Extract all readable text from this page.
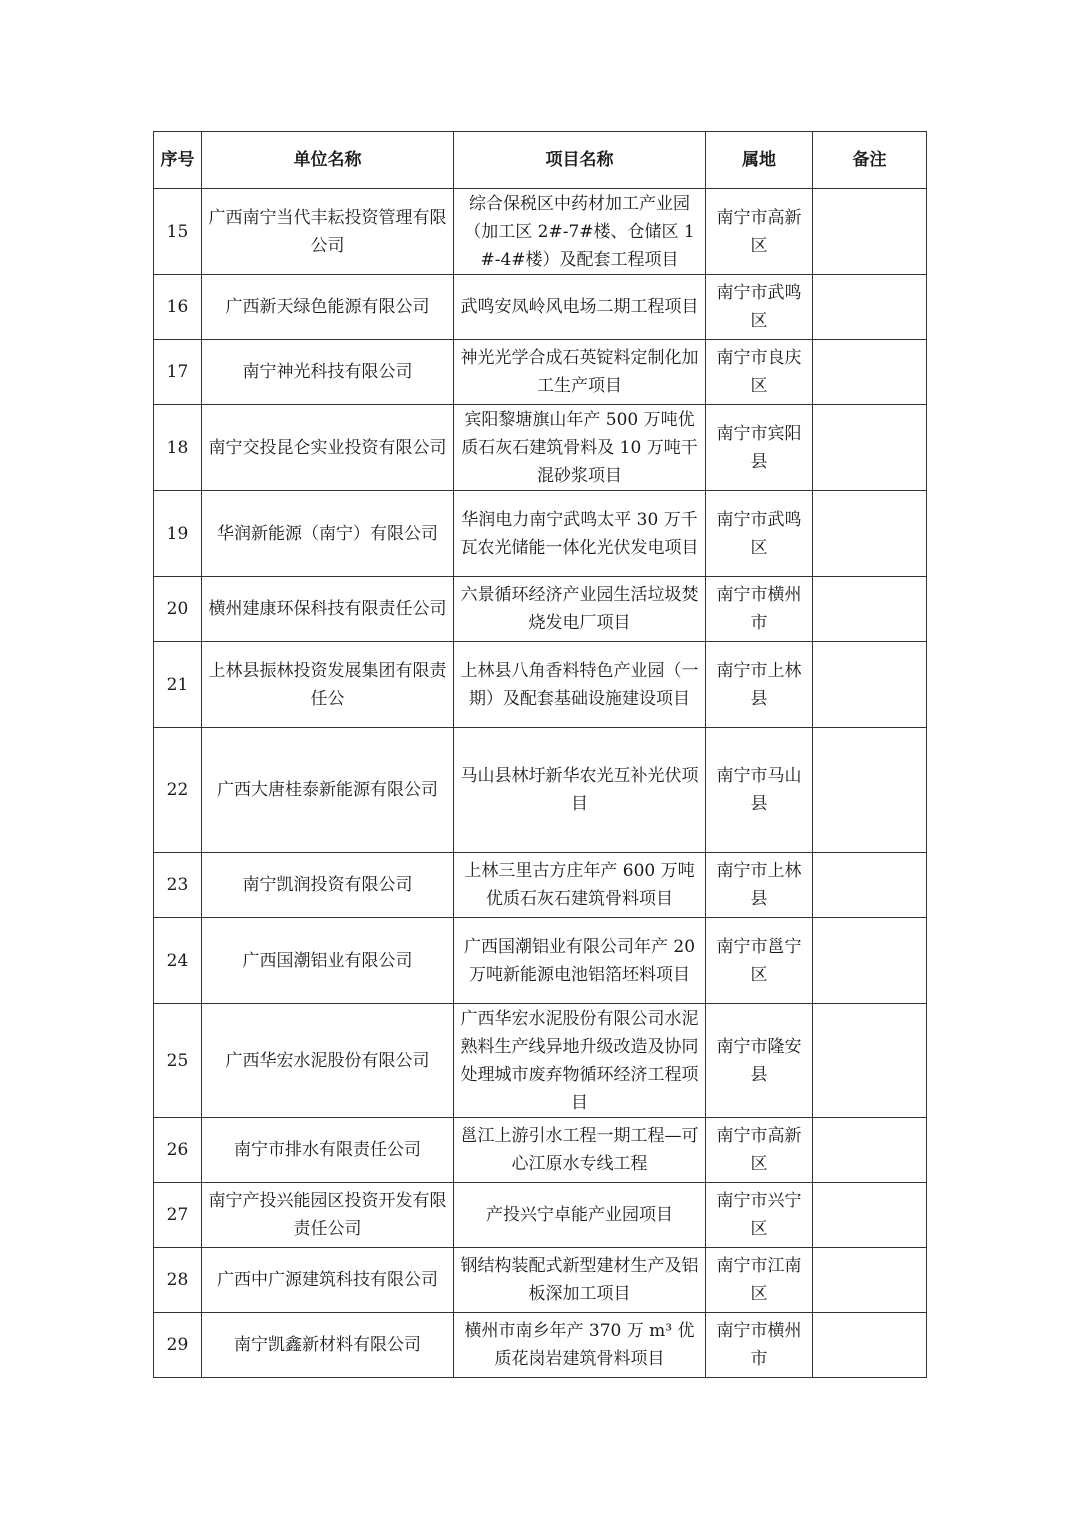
序号	单位名称	项目名称	属地	备注
15	广西南宁当代丰耘投资管理有限公司	综合保税区中药材加工产业园（加工区 2#-7#楼、仓储区 1#-4#楼）及配套工程项目	南宁市高新区	
16	广西新天绿色能源有限公司	武鸣安凤岭风电场二期工程项目	南宁市武鸣区	
17	南宁神光科技有限公司	神光光学合成石英锭料定制化加工生产项目	南宁市良庆区	
18	南宁交投昆仑实业投资有限公司	宾阳黎塘旗山年产 500 万吨优质石灰石建筑骨料及 10 万吨干混砂浆项目	南宁市宾阳县	
19	华润新能源（南宁）有限公司	华润电力南宁武鸣太平 30 万千瓦农光储能一体化光伏发电项目	南宁市武鸣区	
20	横州建康环保科技有限责任公司	六景循环经济产业园生活垃圾焚烧发电厂项目	南宁市横州市	
21	上林县振林投资发展集团有限责任公	上林县八角香料特色产业园（一期）及配套基础设施建设项目	南宁市上林县	
22	广西大唐桂泰新能源有限公司	马山县林圩新华农光互补光伏项目	南宁市马山县	
23	南宁凯润投资有限公司	上林三里古方庄年产 600 万吨优质石灰石建筑骨料项目	南宁市上林县	
24	广西国潮铝业有限公司	广西国潮铝业有限公司年产 20 万吨新能源电池铝箔坯料项目	南宁市邕宁区	
25	广西华宏水泥股份有限公司	广西华宏水泥股份有限公司水泥熟料生产线异地升级改造及协同处理城市废弃物循环经济工程项目	南宁市隆安县	
26	南宁市排水有限责任公司	邕江上游引水工程一期工程—可心江原水专线工程	南宁市高新区	
27	南宁产投兴能园区投资开发有限责任公司	产投兴宁卓能产业园项目	南宁市兴宁区	
28	广西中广源建筑科技有限公司	钢结构装配式新型建材生产及铝板深加工项目	南宁市江南区	
29	南宁凯鑫新材料有限公司	横州市南乡年产 370 万 m³ 优质花岗岩建筑骨料项目	南宁市横州市	
